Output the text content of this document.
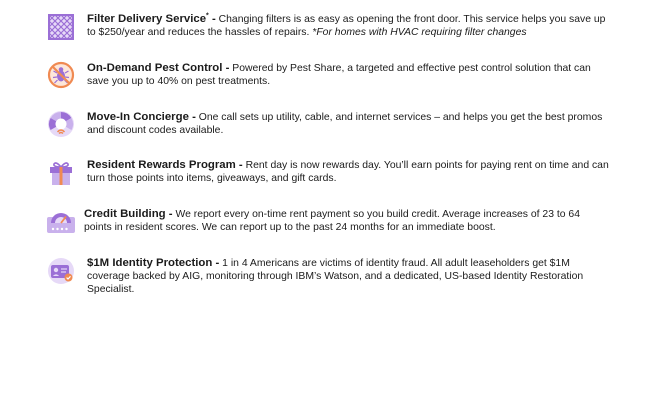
Filter Delivery Service* - Changing filters is as easy as opening the front door. This service helps you save up to $250/year and reduces the hassles of repairs. *For homes with HVAC requiring filter changes
On-Demand Pest Control - Powered by Pest Share, a targeted and effective pest control solution that can save you up to 40% on pest treatments.
Move-In Concierge - One call sets up utility, cable, and internet services – and helps you get the best promos and discount codes available.
Resident Rewards Program - Rent day is now rewards day. You’ll earn points for paying rent on time and can turn those points into items, giveaways, and gift cards.
Credit Building - We report every on-time rent payment so you build credit. Average increases of 23 to 64 points in resident scores. We can report up to the past 24 months for an immediate boost.
$1M Identity Protection - 1 in 4 Americans are victims of identity fraud. All adult leaseholders get $1M coverage backed by AIG, monitoring through IBM’s Watson, and a dedicated, US-based Identity Restoration Specialist.
